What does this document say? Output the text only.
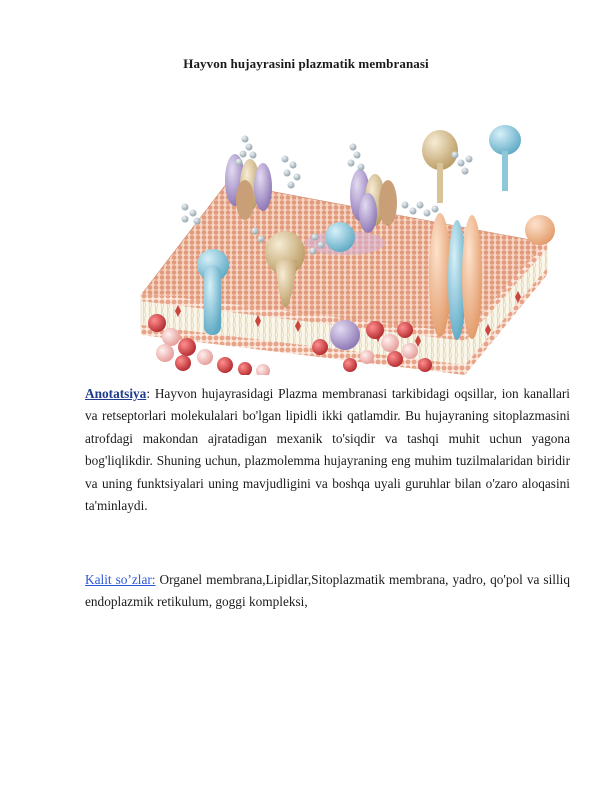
Hayvon hujayrasini plazmatik membranasi
Anotatsiya: Hayvon hujayrasidagi Plazma membranasi tarkibidagi oqsillar, ion kanallari va retseptorlari molekulalari bo'lgan lipidli ikki qatlamdir. Bu hujayraning sitoplazmasini atrofdagi makondan ajratadigan mexanik to'siqdir va tashqi muhit uchun yagona bog'liqlikdir. Shuning uchun, plazmolemma hujayraning eng muhim tuzilmalaridan biridir va uning funktsiyalari uning mavjudligini va boshqa uyali guruhlar bilan o'zaro aloqasini ta'minlaydi.
Kalit so’zlar: Organel membrana,Lipidlar,Sitoplazmatik membrana, yadro, qo'pol va silliq endoplazmik retikulum, goggi kompleksi,
